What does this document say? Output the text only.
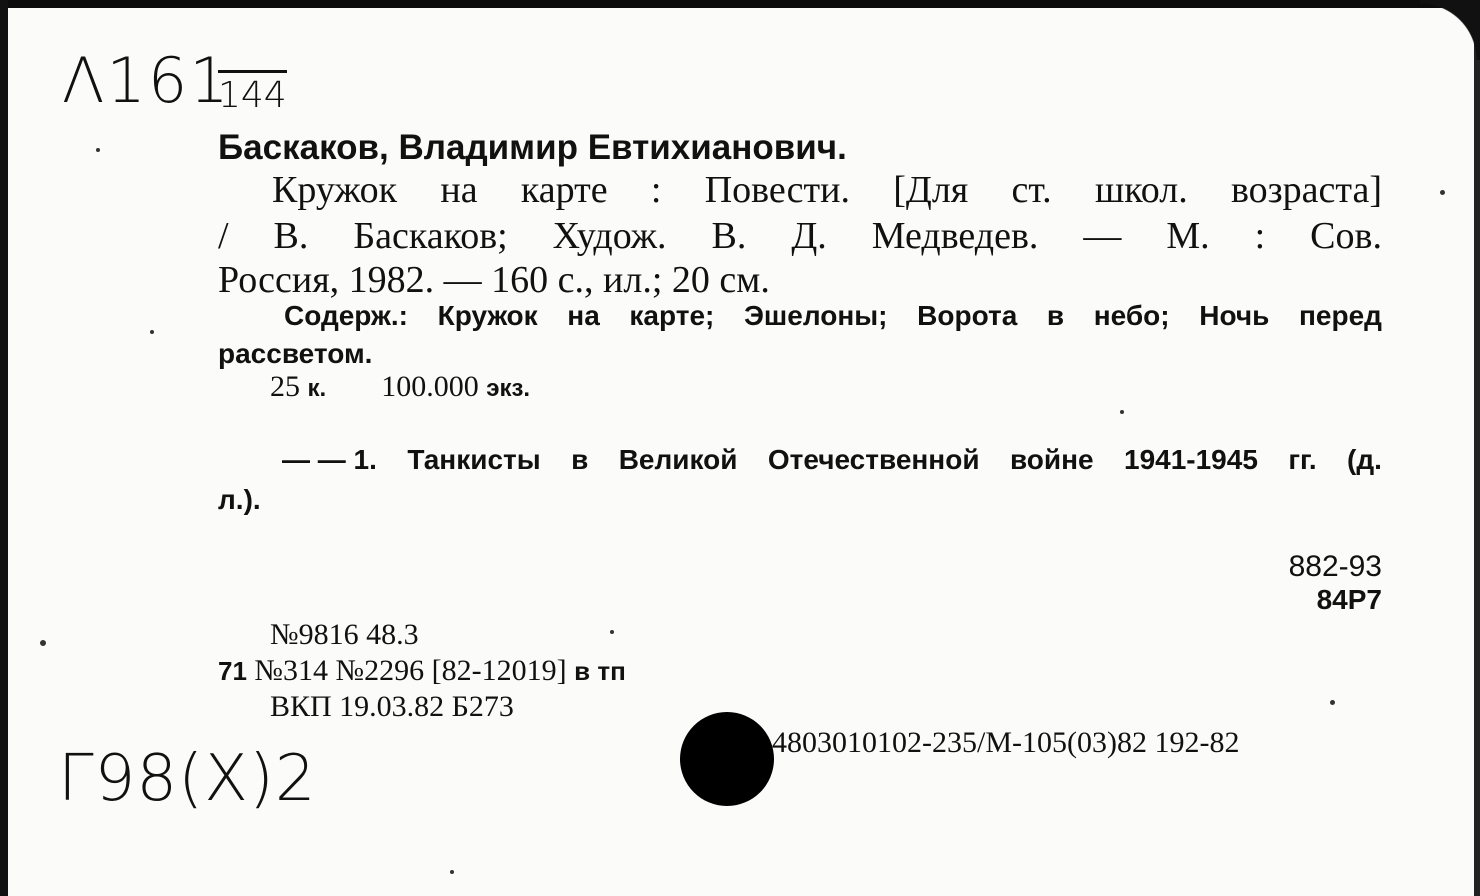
Λ161
144
Баскаков, Владимир Евтихианович.
Кружок на карте : Повести. [Для ст. школ. возраста]
/ В. Баскаков; Худож. В. Д. Медведев. — М. : Сов.
Россия, 1982. — 160 с., ил.; 20 см.
Содерж.: Кружок на карте; Эшелоны; Ворота в небо; Ночь перед
рассветом.
25 к. 100.000 экз.
— — 1. Танкисты в Великой Отечественной войне 1941-1945 гг. (д.
л.).
882-93
84Р7
№9816 48.3
71 №314 №2296 [82-12019] в тп
ВКП 19.03.82 Б273
4803010102-235/М-105(03)82 192-82
Г98(Х)2
